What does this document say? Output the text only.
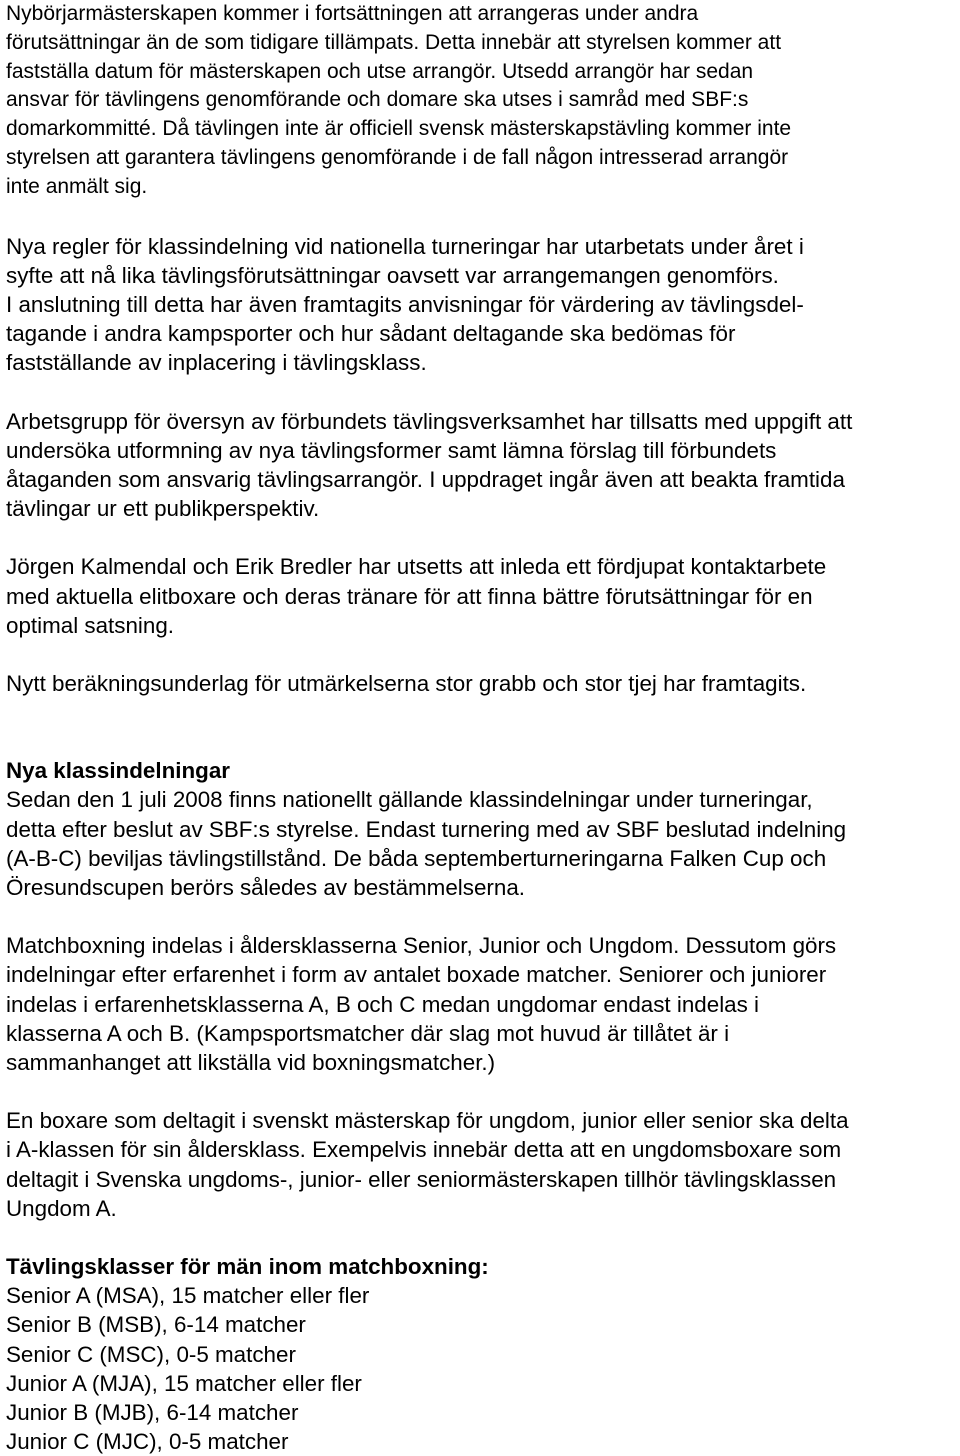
Nybörjarmästerskapen kommer i fortsättningen att arrangeras under andra
förutsättningar än de som tidigare tillämpats. Detta innebär att styrelsen kommer att
fastställa datum för mästerskapen och utse arrangör. Utsedd arrangör har sedan
ansvar för tävlingens genomförande och domare ska utses i samråd med SBF:s
domarkommitté. Då tävlingen inte är officiell svensk mästerskapstävling kommer inte
styrelsen att garantera tävlingens genomförande i de fall någon intresserad arrangör
inte anmält sig.
Nya regler för klassindelning vid nationella turneringar har utarbetats under året i
syfte att nå lika tävlingsförutsättningar oavsett var arrangemangen genomförs.
I anslutning till detta har även framtagits anvisningar för värdering av tävlingsdel-
tagande i andra kampsporter och hur sådant deltagande ska bedömas för
fastställande av inplacering i tävlingsklass.
Arbetsgrupp för översyn av förbundets tävlingsverksamhet har tillsatts med uppgift att
undersöka utformning av nya tävlingsformer samt lämna förslag till förbundets
åtaganden som ansvarig tävlingsarrangör. I uppdraget ingår även att beakta framtida
tävlingar ur ett publikperspektiv.
Jörgen Kalmendal och Erik Bredler har utsetts att inleda ett fördjupat kontaktarbete
med aktuella elitboxare och deras tränare för att finna bättre förutsättningar för en
optimal satsning.
Nytt beräkningsunderlag för utmärkelserna stor grabb och stor tjej har framtagits.
Nya klassindelningar
Sedan den 1 juli 2008 finns nationellt gällande klassindelningar under turneringar,
detta efter beslut av SBF:s styrelse. Endast turnering med av SBF beslutad indelning
(A-B-C) beviljas tävlingstillstånd. De båda septemberturneringarna Falken Cup och
Öresundscupen berörs således av bestämmelserna.
Matchboxning indelas i åldersklasserna Senior, Junior och Ungdom. Dessutom görs
indelningar efter erfarenhet i form av antalet boxade matcher. Seniorer och juniorer
indelas i erfarenhetsklasserna A, B och C medan ungdomar endast indelas i
klasserna A och B. (Kampsportsmatcher där slag mot huvud är tillåtet är i
sammanhanget att likställa vid boxningsmatcher.)
En boxare som deltagit i svenskt mästerskap för ungdom, junior eller senior ska delta
i A-klassen för sin åldersklass. Exempelvis innebär detta att en ungdomsboxare som
deltagit i Svenska ungdoms-, junior- eller seniormästerskapen tillhör tävlingsklassen
Ungdom A.
Tävlingsklasser för män inom matchboxning:
Senior A (MSA), 15 matcher eller fler
Senior B (MSB), 6-14 matcher
Senior C (MSC), 0-5 matcher
Junior A (MJA), 15 matcher eller fler
Junior B (MJB), 6-14 matcher
Junior C (MJC), 0-5 matcher
